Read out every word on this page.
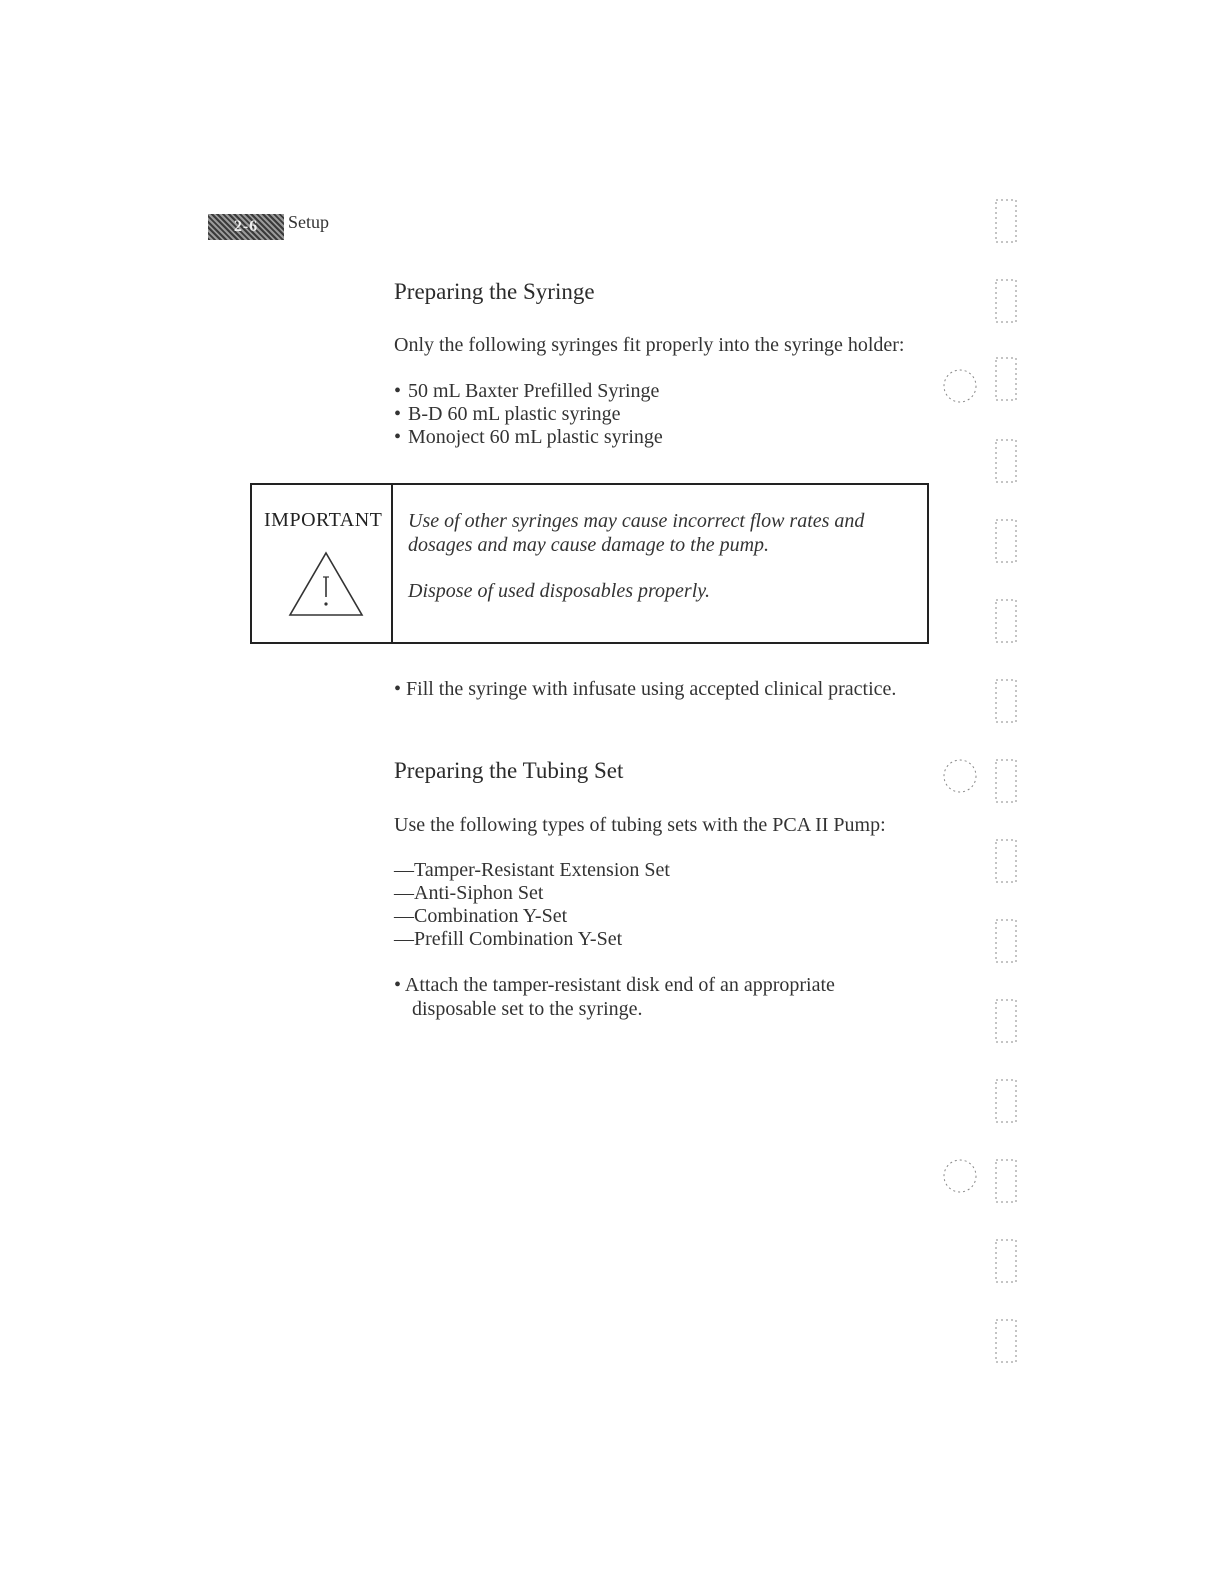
2-6	Setup
Preparing the Syringe

Only the following syringes fit properly into the syringe holder:

• 50 mL Baxter Prefilled Syringe
• B-D 60 mL plastic syringe
• Monoject 60 mL plastic syringe
IMPORTANT Use of other syringes may cause incorrect flow rates and dosages and may cause damage to the pump.

Dispose of used disposables properly.

• Fill the syringe with infusate using accepted clinical practice.

Preparing the Tubing Set

Use the following types of tubing sets with the PCA II Pump:

—Tamper-Resistant Extension Set
—Anti-Siphon Set
—Combination Y-Set
—Prefill Combination Y-Set

• Attach the tamper-resistant disk end of an appropriate
disposable set to the syringe.
